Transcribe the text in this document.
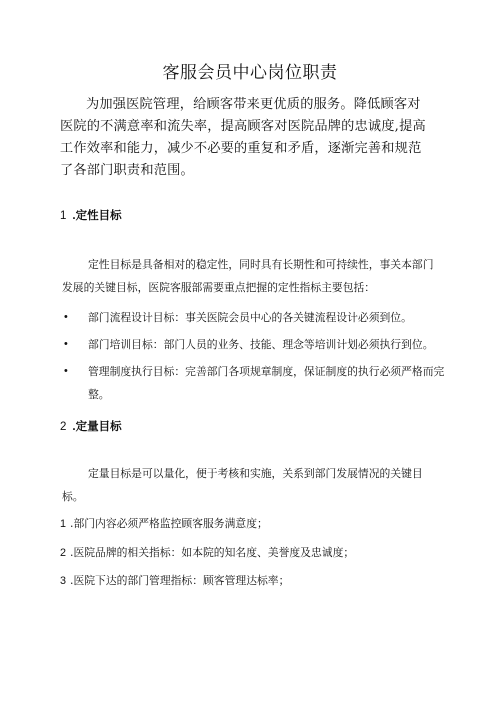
客服会员中心岗位职责

为加强医院管理，给顾客带来更优质的服务。降低顾客对医院的不满意率和流失率，提高顾客对医院品牌的忠诚度,提高工作效率和能力，减少不必要的重复和矛盾，逐渐完善和规范了各部门职责和范围。

1 .定性目标

定性目标是具备相对的稳定性，同时具有长期性和可持续性，事关本部门发展的关键目标，医院客服部需要重点把握的定性指标主要包括：

• 部门流程设计目标：事关医院会员中心的各关键流程设计必须到位。
• 部门培训目标：部门人员的业务、技能、理念等培训计划必须执行到位。
• 管理制度执行目标：完善部门各项规章制度，保证制度的执行必须严格而完整。
2 .定量目标

定量目标是可以量化，便于考核和实施，关系到部门发展情况的关键目标。

1 .部门内容必须严格监控顾客服务满意度；
2 .医院品牌的相关指标：如本院的知名度、美誉度及忠诚度；
3 .医院下达的部门管理指标：顾客管理达标率；
